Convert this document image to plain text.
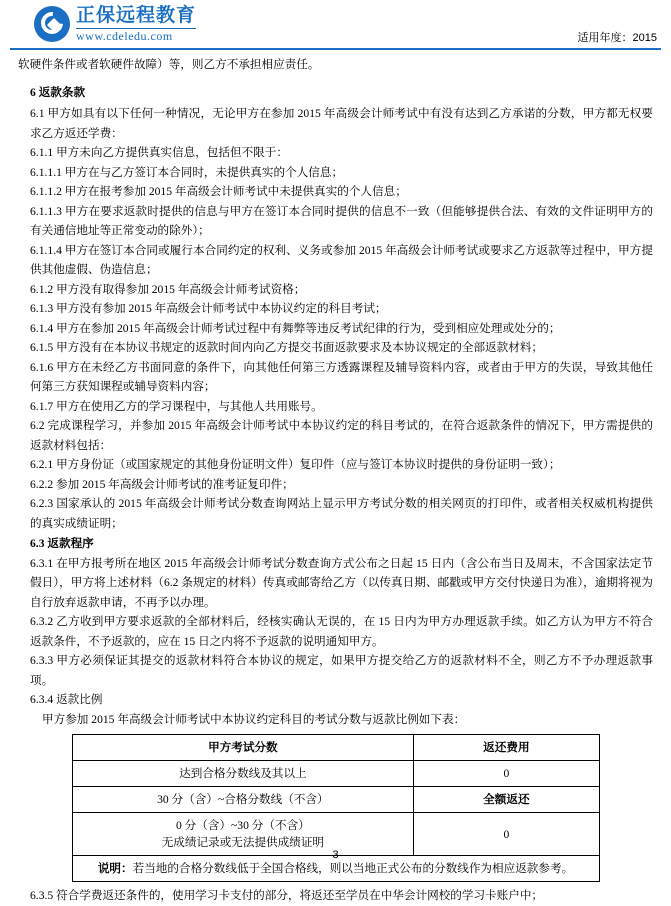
正保远程教育
www.cdeledu.com	适用年度：2015

软硬件条件或者软硬件故障）等，则乙方不承担相应责任。

6 返款条款

6.1 甲方如具有以下任何一种情况，无论甲方在参加 2015 年高级会计师考试中有没有达到乙方承诺的分数，甲方都无权要求乙方返还学费：

6.1.1 甲方未向乙方提供真实信息，包括但不限于：

6.1.1.1 甲方在与乙方签订本合同时，未提供真实的个人信息；

6.1.1.2 甲方在报考参加 2015 年高级会计师考试中未提供真实的个人信息；

6.1.1.3 甲方在要求返款时提供的信息与甲方在签订本合同时提供的信息不一致（但能够提供合法、有效的文件证明甲方的有关通信地址等正常变动的除外）；

6.1.1.4 甲方在签订本合同或履行本合同约定的权利、义务或参加 2015 年高级会计师考试或要求乙方返款等过程中，甲方提供其他虚假、伪造信息；

6.1.2 甲方没有取得参加 2015 年高级会计师考试资格；

6.1.3 甲方没有参加 2015 年高级会计师考试中本协议约定的科目考试；

6.1.4 甲方在参加 2015 年高级会计师考试过程中有舞弊等违反考试纪律的行为，受到相应处理或处分的；

6.1.5 甲方没有在本协议书规定的返款时间内向乙方提交书面返款要求及本协议规定的全部返款材料；

6.1.6 甲方在未经乙方书面同意的条件下，向其他任何第三方透露课程及辅导资料内容，或者由于甲方的失误，导致其他任何第三方获知课程或辅导资料内容；

6.1.7 甲方在使用乙方的学习课程中，与其他人共用账号。

6.2 完成课程学习，并参加 2015 年高级会计师考试中本协议约定的科目考试的，在符合返款条件的情况下，甲方需提供的返款材料包括：

6.2.1 甲方身份证（或国家规定的其他身份证明文件）复印件（应与签订本协议时提供的身份证明一致）；

6.2.2 参加 2015 年高级会计师考试的准考证复印件；

6.2.3 国家承认的 2015 年高级会计师考试分数查询网站上显示甲方考试分数的相关网页的打印件，或者相关权威机构提供的真实成绩证明；

6.3 返款程序

6.3.1 在甲方报考所在地区 2015 年高级会计师考试分数查询方式公布之日起 15 日内（含公布当日及周末，不含国家法定节假日），甲方将上述材料（6.2 条规定的材料）传真或邮寄给乙方（以传真日期、邮戳或甲方交付快递日为准），逾期将视为自行放弃返款申请，不再予以办理。

6.3.2 乙方收到甲方要求返款的全部材料后，经核实确认无误的，在 15 日内为甲方办理返款手续。如乙方认为甲方不符合返款条件，不予返款的，应在 15 日之内将不予返款的说明通知甲方。

6.3.3 甲方必须保证其提交的返款材料符合本协议的规定，如果甲方提交给乙方的返款材料不全，则乙方不予办理返款事项。

6.3.4 返款比例

甲方参加 2015 年高级会计师考试中本协议约定科目的考试分数与返款比例如下表：

甲方考试分数	返还费用
达到合格分数线及其以上	0
30 分（含）~合格分数线（不含）	全额返还

0 分（含）~30 分（不含）
无成绩记录或无法提供成绩证明	0
说明：若当地的合格分数线低于全国合格线，则以当地正式公布的分数线作为相应返款参考。	

6.3.5 符合学费返还条件的，使用学习卡支付的部分，将返还至学员在中华会计网校的学习卡账户中；

3
